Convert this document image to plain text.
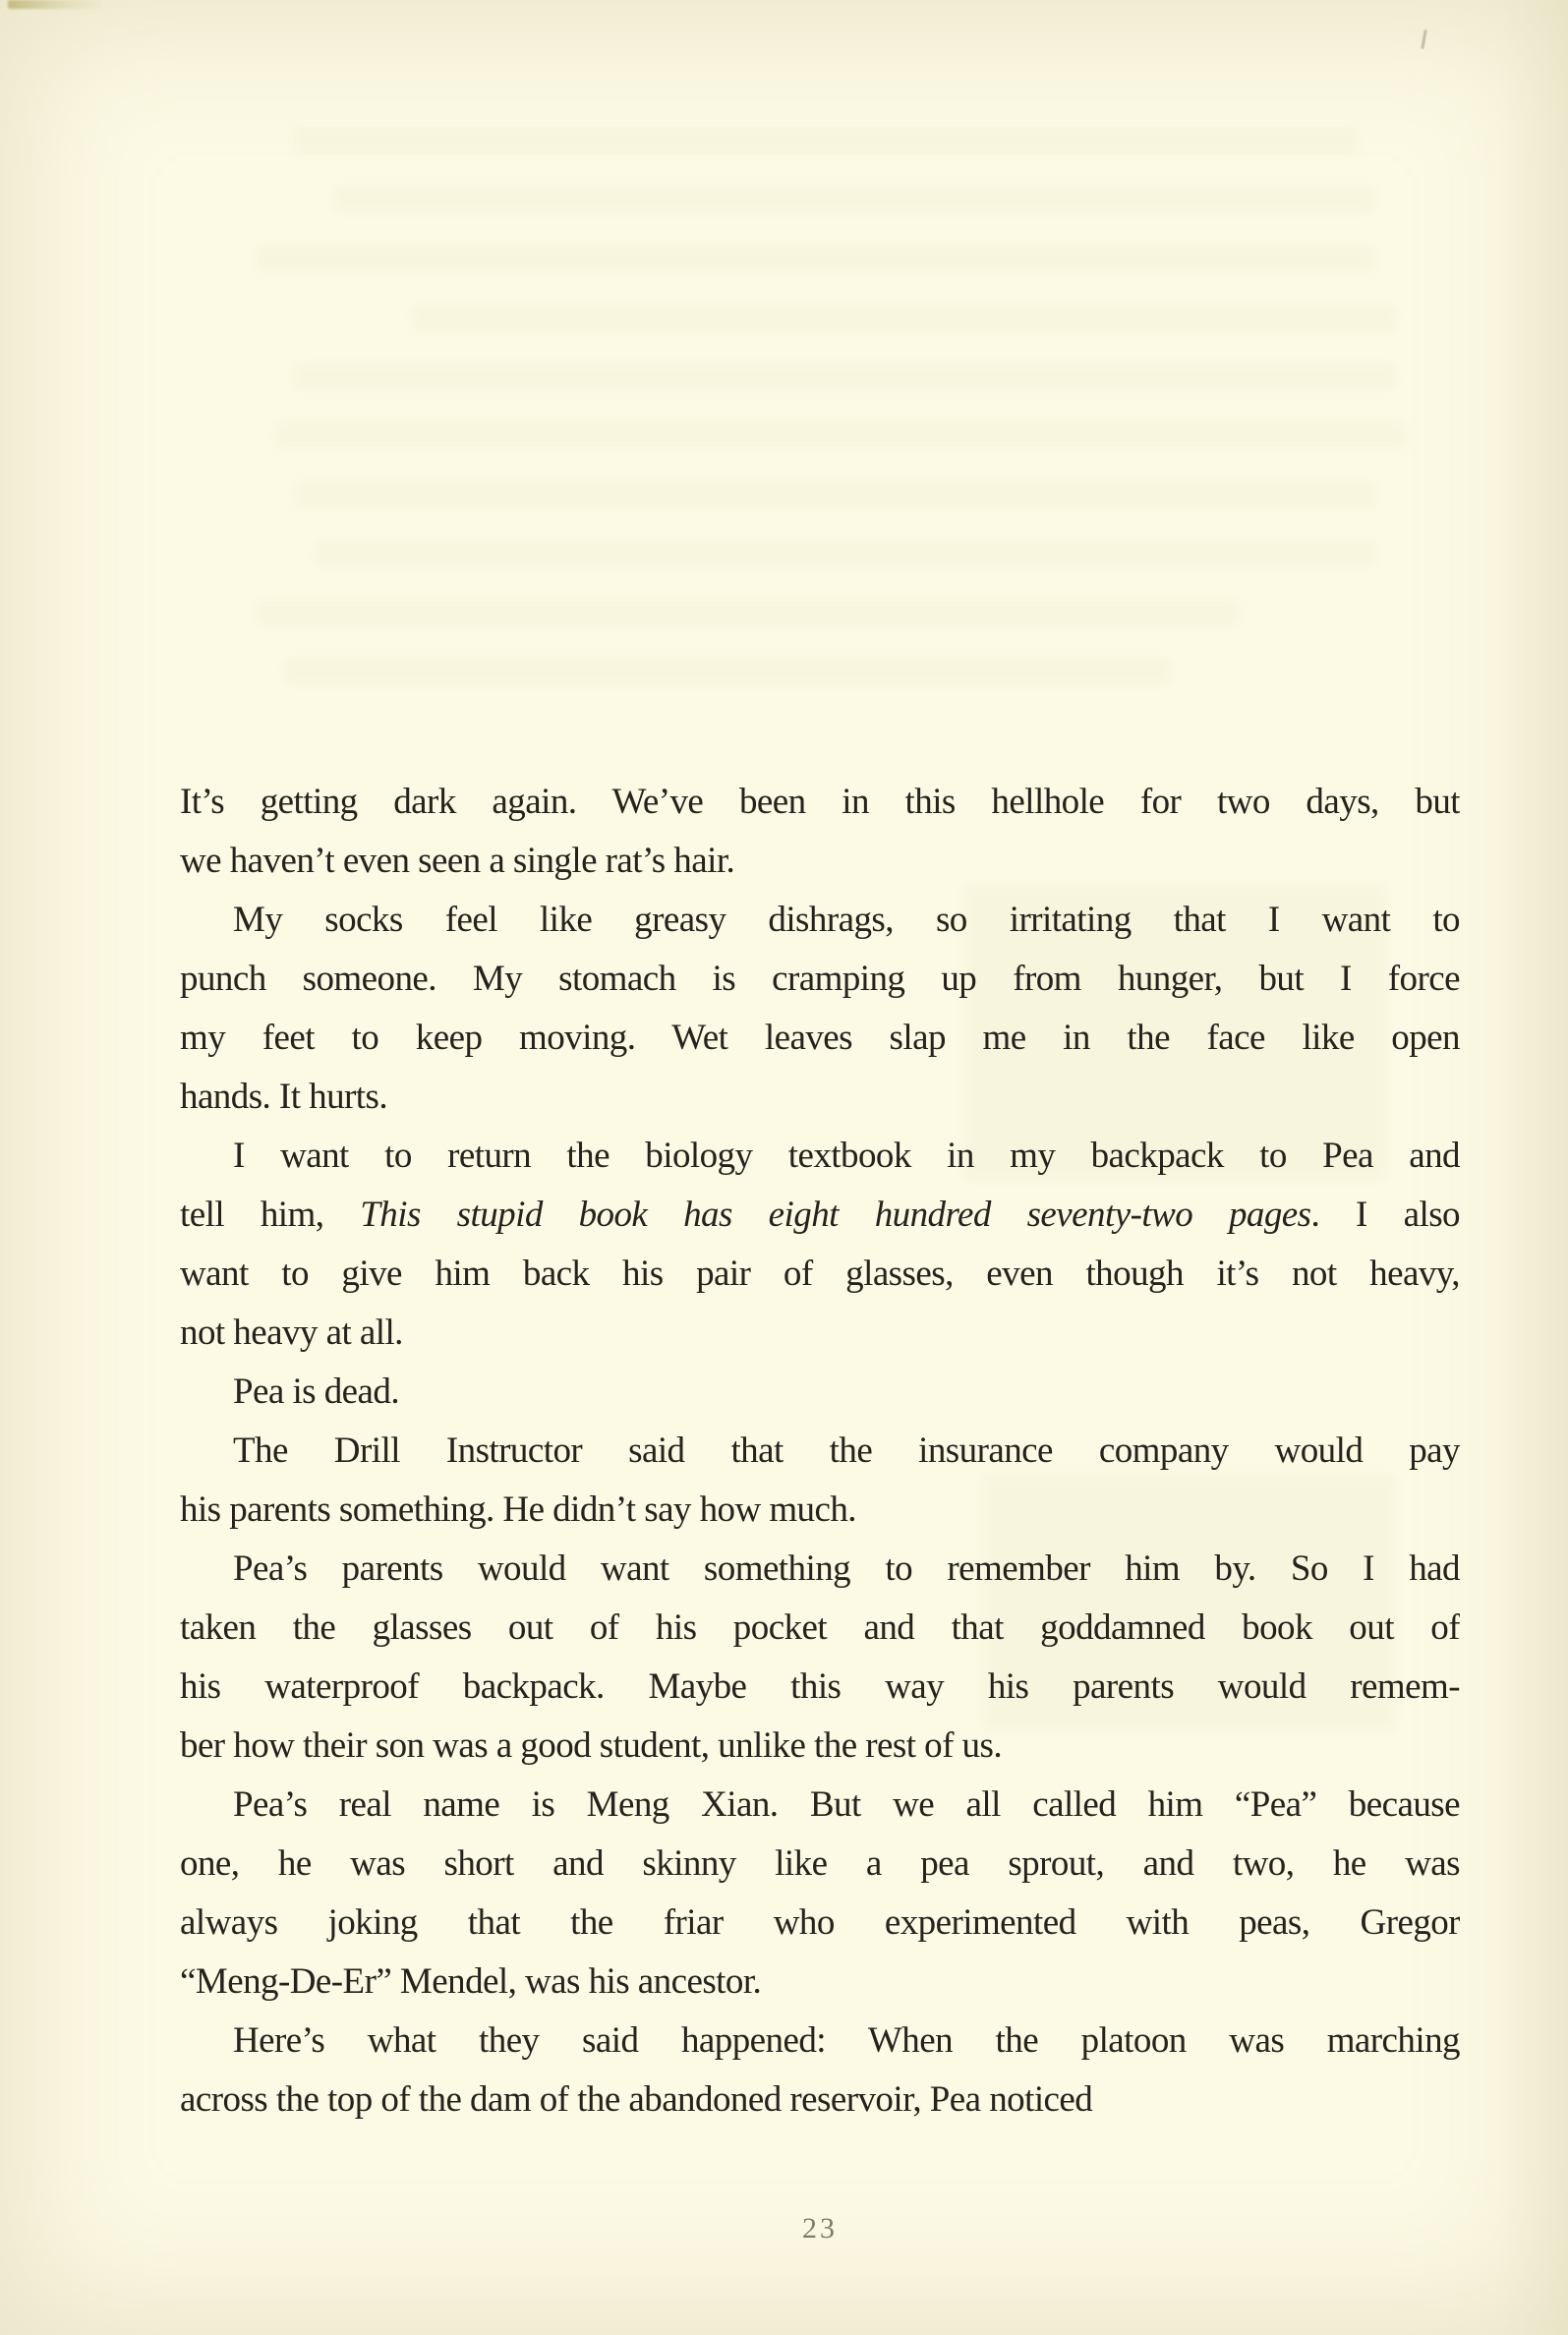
It’s getting dark again. We’ve been in this hellhole for two days, but
we haven’t even seen a single rat’s hair.
My socks feel like greasy dishrags, so irritating that I want to
punch someone. My stomach is cramping up from hunger, but I force
my feet to keep moving. Wet leaves slap me in the face like open
hands. It hurts.
I want to return the biology textbook in my backpack to Pea and
tell him, This stupid book has eight hundred seventy-two pages. I also
want to give him back his pair of glasses, even though it’s not heavy,
not heavy at all.
Pea is dead.
The Drill Instructor said that the insurance company would pay
his parents something. He didn’t say how much.
Pea’s parents would want something to remember him by. So I had
taken the glasses out of his pocket and that goddamned book out of
his waterproof backpack. Maybe this way his parents would remem-
ber how their son was a good student, unlike the rest of us.
Pea’s real name is Meng Xian. But we all called him “Pea” because
one, he was short and skinny like a pea sprout, and two, he was
always joking that the friar who experimented with peas, Gregor
“Meng-De-Er” Mendel, was his ancestor.
Here’s what they said happened: When the platoon was marching
across the top of the dam of the abandoned reservoir, Pea noticed
23
